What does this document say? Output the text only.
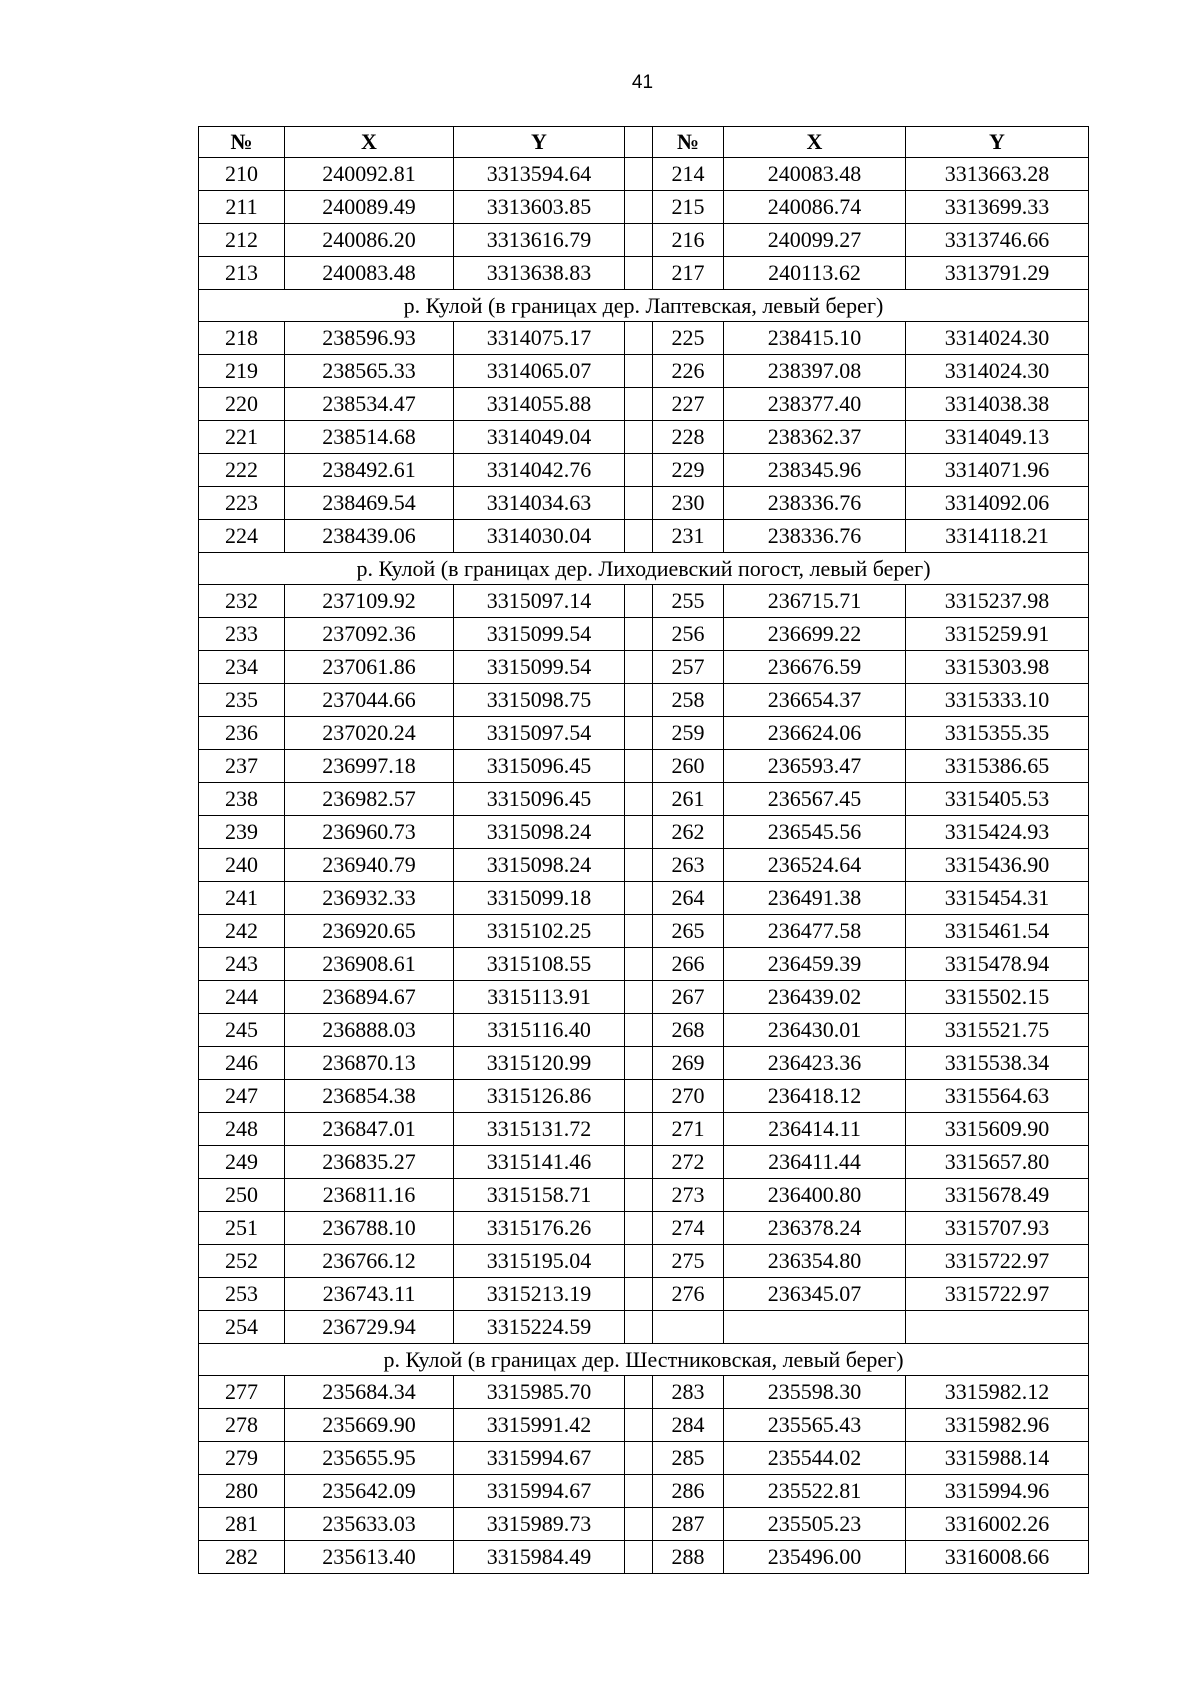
41
№	X	Y		№	X	Y
210	240092.81	3313594.64		214	240083.48	3313663.28
211	240089.49	3313603.85		215	240086.74	3313699.33
212	240086.20	3313616.79		216	240099.27	3313746.66
213	240083.48	3313638.83		217	240113.62	3313791.29
р. Кулой (в границах дер. Лаптевская, левый берег)						
218	238596.93	3314075.17		225	238415.10	3314024.30
219	238565.33	3314065.07		226	238397.08	3314024.30
220	238534.47	3314055.88		227	238377.40	3314038.38
221	238514.68	3314049.04		228	238362.37	3314049.13
222	238492.61	3314042.76		229	238345.96	3314071.96
223	238469.54	3314034.63		230	238336.76	3314092.06
224	238439.06	3314030.04		231	238336.76	3314118.21
р. Кулой (в границах дер. Лиходиевский погост, левый берег)						
232	237109.92	3315097.14		255	236715.71	3315237.98
233	237092.36	3315099.54		256	236699.22	3315259.91
234	237061.86	3315099.54		257	236676.59	3315303.98
235	237044.66	3315098.75		258	236654.37	3315333.10
236	237020.24	3315097.54		259	236624.06	3315355.35
237	236997.18	3315096.45		260	236593.47	3315386.65
238	236982.57	3315096.45		261	236567.45	3315405.53
239	236960.73	3315098.24		262	236545.56	3315424.93
240	236940.79	3315098.24		263	236524.64	3315436.90
241	236932.33	3315099.18		264	236491.38	3315454.31
242	236920.65	3315102.25		265	236477.58	3315461.54
243	236908.61	3315108.55		266	236459.39	3315478.94
244	236894.67	3315113.91		267	236439.02	3315502.15
245	236888.03	3315116.40		268	236430.01	3315521.75
246	236870.13	3315120.99		269	236423.36	3315538.34
247	236854.38	3315126.86		270	236418.12	3315564.63
248	236847.01	3315131.72		271	236414.11	3315609.90
249	236835.27	3315141.46		272	236411.44	3315657.80
250	236811.16	3315158.71		273	236400.80	3315678.49
251	236788.10	3315176.26		274	236378.24	3315707.93
252	236766.12	3315195.04		275	236354.80	3315722.97
253	236743.11	3315213.19		276	236345.07	3315722.97
254	236729.94	3315224.59				
р. Кулой (в границах дер. Шестниковская, левый берег)						
277	235684.34	3315985.70		283	235598.30	3315982.12
278	235669.90	3315991.42		284	235565.43	3315982.96
279	235655.95	3315994.67		285	235544.02	3315988.14
280	235642.09	3315994.67		286	235522.81	3315994.96
281	235633.03	3315989.73		287	235505.23	3316002.26
282	235613.40	3315984.49		288	235496.00	3316008.66
